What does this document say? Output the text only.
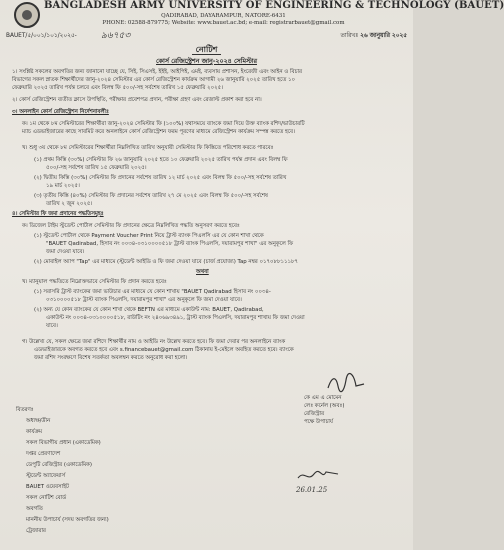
BANGLADESH ARMY UNIVERSITY OF ENGINEERING & TECHNOLOGY (BAUET)
QADIRABAD, DAYARAMPUR, NATORE-6431
PHONE: 02588-879775; Website: www.bauet.ac.bd; e-mail: registrarbauet@gmail.com
BAUET/৫/০০১/১০১/২০২৫-	৯৬৭৫৩	তারিখঃ ২৬ জানুয়ারি ২০২৫
নোটিশ
কোর্স রেজিস্ট্রেশন জানু-২০২৪ সেমিস্টার
১। সংশ্লিষ্ট সকলের অবগতির জন্য জানানো যাচ্ছে যে, সিই, সিএসই, ইইই, আইপিই, এমই, ব্যবসায় প্রশাসন, ইংরেজী এবং আইন ও বিচার
বিভাগের সকল স্নাতক শিক্ষার্থীদের জানু-২০২৪ সেমিস্টার এর কোর্স রেজিস্ট্রেশন কার্যক্রম আগামী ২৬ জানুয়ারি ২০২৫ তারিখ হতে ১০
ফেব্রুয়ারি ২০২৫ তারিখ পর্যন্ত চলবে এবং বিলম্ব ফি ৫০০/-সহ সর্বশেষ তারিখ ১৫ ফেব্রুয়ারি ২০২৫।
২। কোর্স রেজিস্ট্রেশন ব্যতীত ক্লাসে উপস্থিতি, পরীক্ষার প্রবেশপত্র প্রদান, পরীক্ষা গ্রহণ এবং রেজাল্ট প্রকাশ করা হবে না।
৩। অনলাইন কোর্স রেজিস্ট্রেশন নির্দেশনাবলীঃ
ক। ১ম থেকে ৮ম সেমিস্টারের শিক্ষার্থীরা জানু-২০২৪ সেমিস্টার ফি (১০০%) যথাসময়ে ব্যাংকে জমা দিয়ে উক্ত ব্যাংক রশিদ/ভাউচারটি
ম্যাচ এডভাইজারের কাছে সাবমিট করে অনলাইনে কোর্স রেজিস্ট্রেশন ফরম পূরণের মাধ্যমে রেজিস্ট্রেশন কার্যক্রম সম্পন্ন করতে হবে।
খ। শুধু ৩য় থেকে ৮ম সেমিস্টারের শিক্ষার্থীরা নিম্নলিখিত তারিখ অনুযায়ী সেমিস্টার ফি কিস্তিতে পরিশোধ করতে পারবেঃ
(১) প্রথম কিস্তি (৩০%) সেমিস্টার ফি ২৬ জানুয়ারি ২০২৫ হতে ১০ ফেব্রুয়ারি ২০২৫ তারিখ পর্যন্ত প্রদান এবং বিলম্ব ফি
৫০০/-সহ সর্বশেষ তারিখ ১৫ ফেব্রুয়ারি ২০২৫।
(২) দ্বিতীয় কিস্তি (৩০%) সেমিস্টার ফি প্রদানের সর্বশেষ তারিখ ১২ মার্চ ২০২৫ এবং বিলম্ব ফি ৫০০/-সহ সর্বশেষ তারিখ
১৯ মার্চ ২০২৫।
(৩) তৃতীয় কিস্তি (৪০%) সেমিস্টার ফি প্রদানের সর্বশেষ তারিখ ২৭ মে ২০২৫ এবং বিলম্ব ফি ৫০০/-সহ সর্বশেষ
তারিখ ২ জুন ২০২৫।
৪। সেমিস্টার ফি জমা প্রদানের পদ্ধতিসমূহঃ
ক। ডিজেল টাইম স্টুডেন্ট পোর্টাল সেমিস্টার ফি প্রদানের ক্ষেত্রে নিম্নলিখিত পদ্ধতি অনুসরণ করতে হবেঃ
(১) স্টুডেন্ট পোর্টাল থেকে Payment Voucher Print নিয়ে ট্রাস্ট ব্যাংক পিএলসি এর যে কোন শাখা থেকে
"BAUET Qadirabad, হিসাব নং ০০৩৪-০৩১০০০০৫১৮ ট্রাস্ট ব্যাংক পিএলসি, দয়ারামপুর শাখা" এর অনুকূলে ফি
জমা দেওয়া যাবে।
(২) মোবাইল অ্যাপ "Tap" এর মাধ্যমে (স্টুডেন্ট আইডি ও ফি জমা দেওয়া যাবে (চার্জ প্রযোজ্য) Tap নম্বর ০১৭০৮৮১১১৮৭
অথবা
খ। ম্যানুয়াল পদ্ধতিতে নিম্নোক্তভাবে সেমিস্টার ফি প্রদান করতে হবেঃ
(১) সরাসরি ট্রাস্ট ব্যাংকের জমা ভাউচার এর মাধ্যমে যে কোন শাখায় "BAUET Qadirabad হিসাব নং ০০৩৪-
০৩১০০০০৫১৮ ট্রাস্ট ব্যাংক পিএলসি, দয়ারামপুর শাখা" এর অনুকূলে ফি জমা দেওয়া যাবে।
(২) অন্য যে কোন ব্যাংকের যে কোন শাখা থেকে BEFTN এর মাধ্যমে একাউন্ট নাম: BAUET, Qadirabad,
একাউন্ট নং ০০৩৪-০৩১০০০০৫১৮, রাউটিং নং ২৪০৬৯৩৪৯১, ট্রাস্ট ব্যাংক পিএলসি, দয়ারামপুর শাখায় ফি জমা দেওয়া
যাবে।
গ। উল্লেখ্য যে, সকল ক্ষেত্রে জমা রশিদে শিক্ষার্থীর নাম ও আইডি নং উল্লেখ করতে হবে। ফি জমা দেবার পর অনলাইনে ব্যাংক
এডভাইজারকে অবগত করতে হবে এবং s.financebauet@gmail.com ঠিকানায় ই-মেইলে অবহিত করতে হবে। ব্যাংকে
জমা রশিদ সংরক্ষণে বিশেষ সতর্কতা অবলম্বন করতে অনুরোধ করা হলো।
কে এম এ মোমেন
লেঃ কর্নেল (অবঃ)
রেজিস্ট্রার
পক্ষে উপাচার্য
26.01.25
বিতরণঃ
অধ্যক্ষ/ডীন
কার্যক্রম
সকল বিভাগীয় প্রধান (একাডেমিক)
দপ্তর প্রেরণাদেশ
ডেপুটি রেজিস্ট্রার (একাডেমিক)
স্টুডেন্ট অ্যাফেয়ার্স
BAUET ওয়েবসাইট
সকল নোটিশ বোর্ড
অবগতি
মাননীয় উপাচার্য (সদয় অবগতির জন্য)
ট্রেজারার
